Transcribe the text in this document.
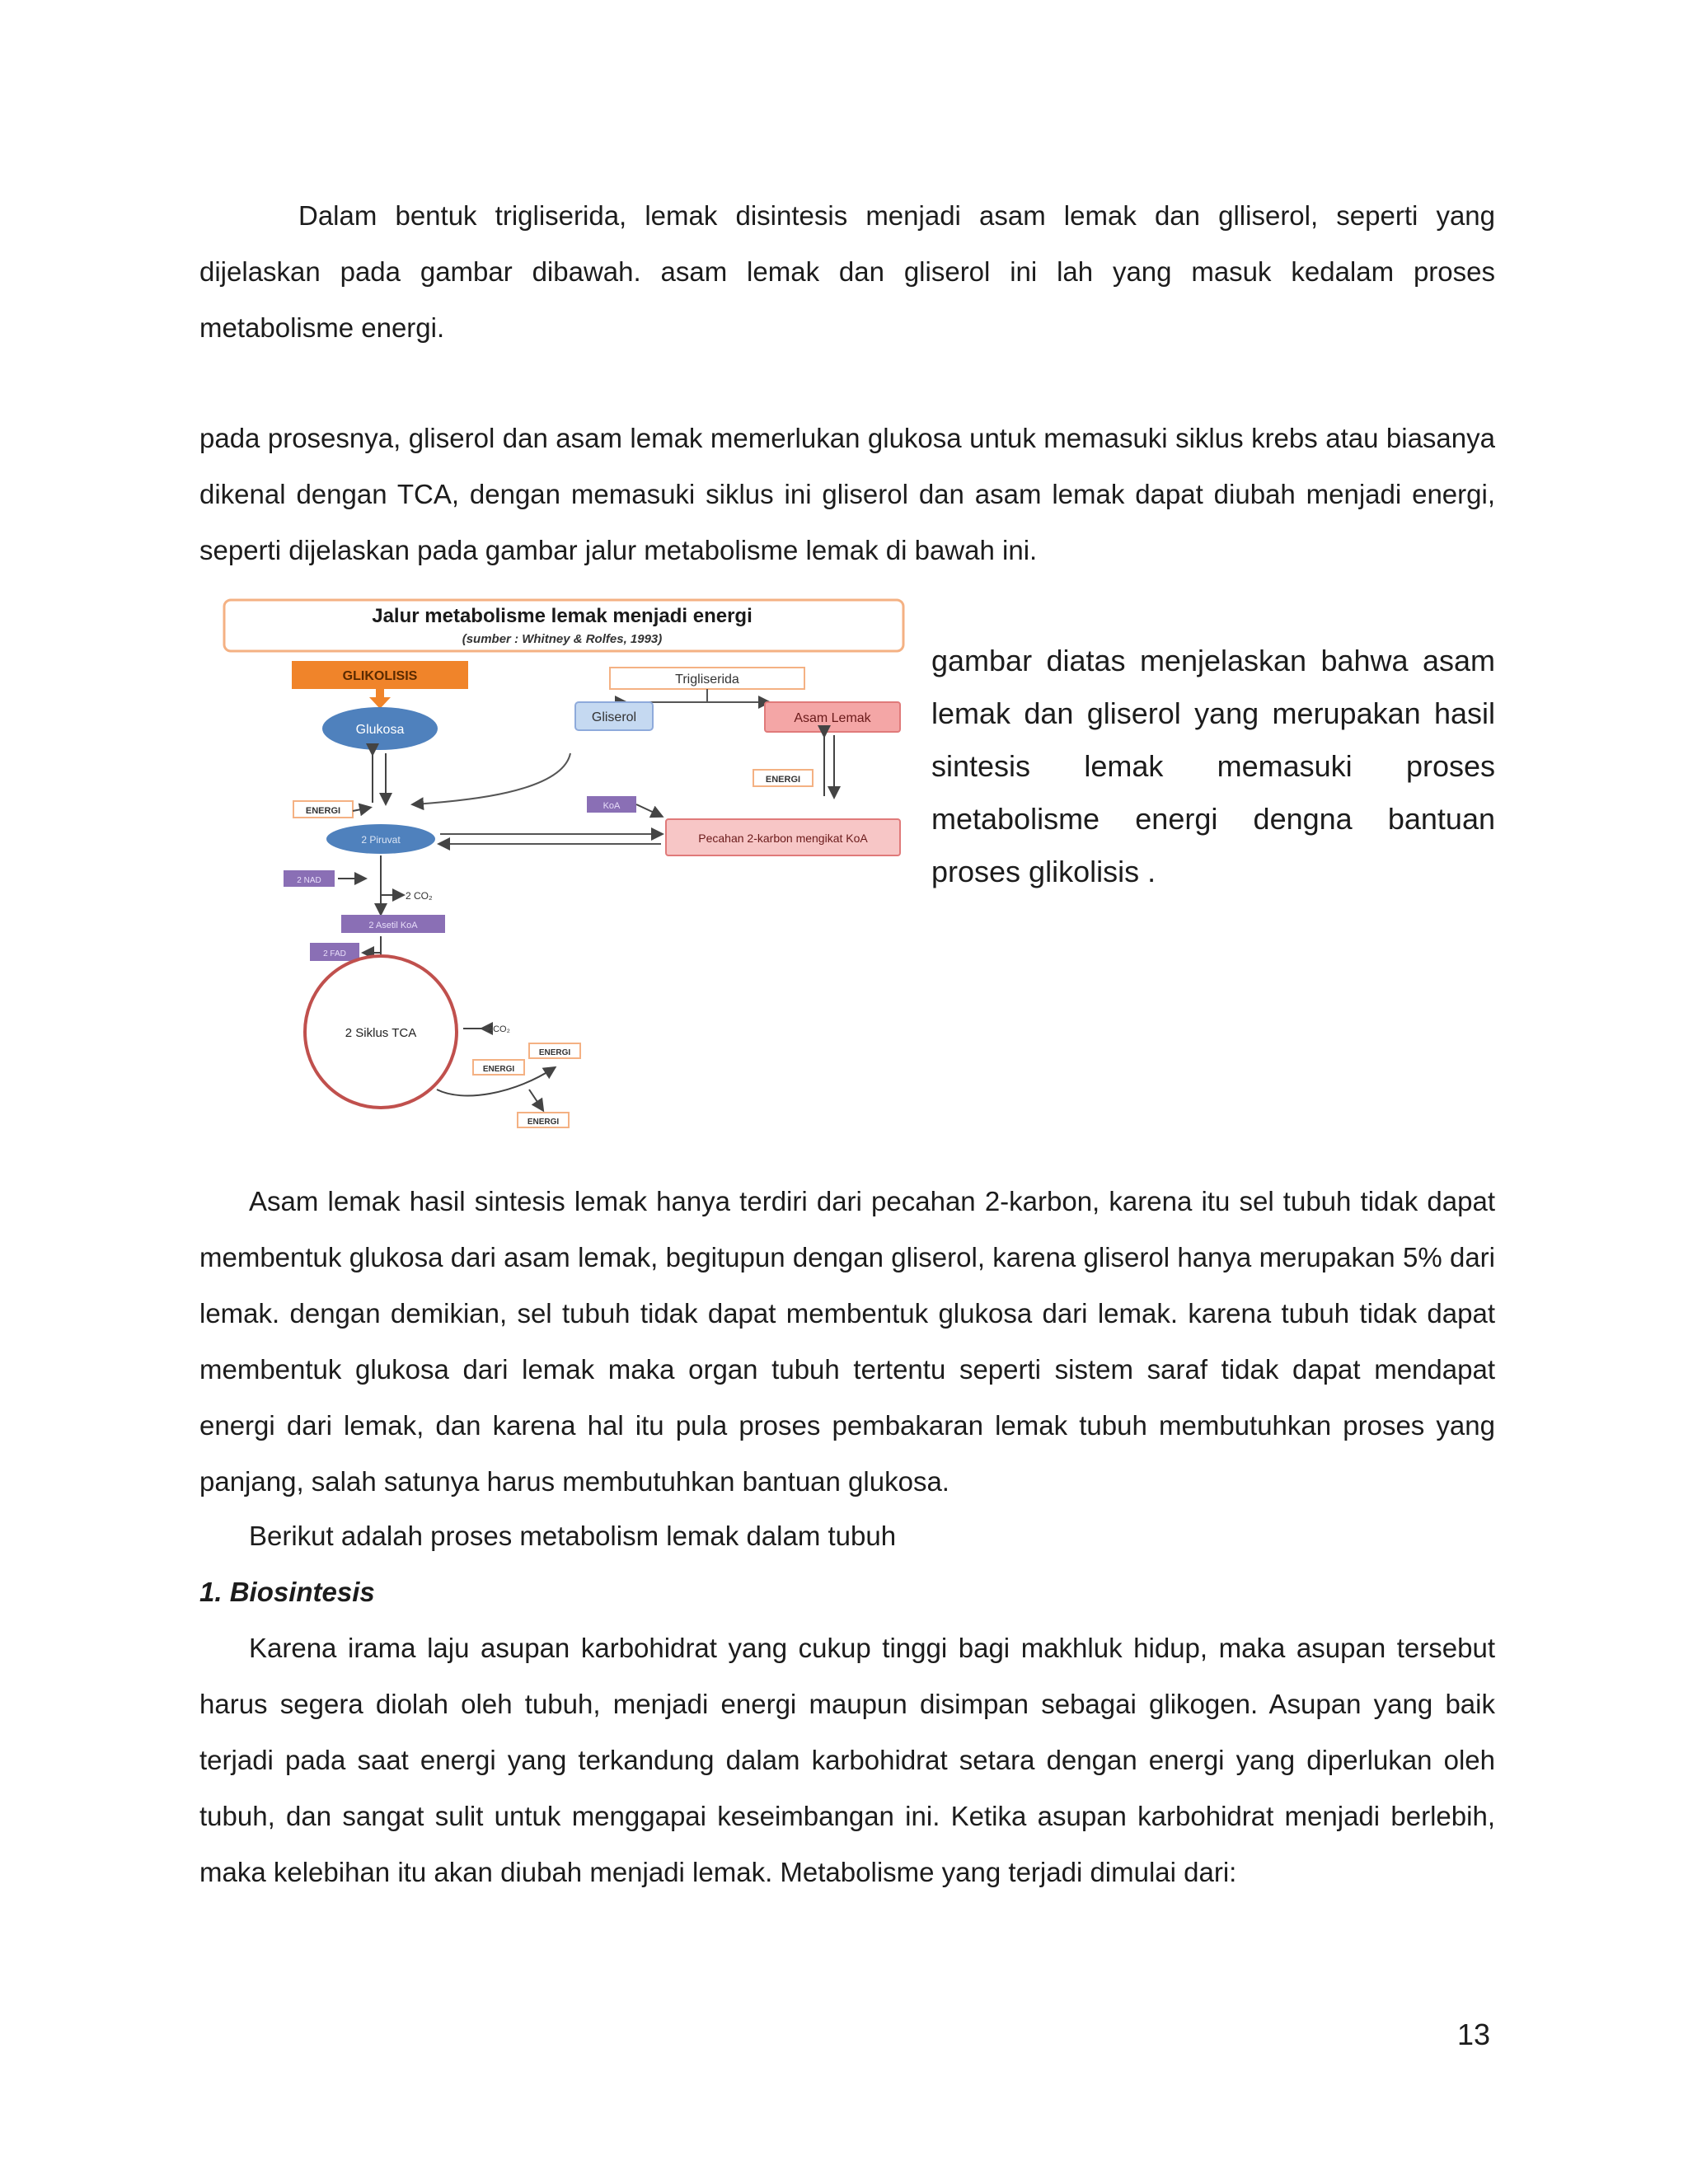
Dalam bentuk trigliserida, lemak disintesis menjadi asam lemak dan glliserol, seperti yang dijelaskan pada gambar dibawah. asam lemak dan gliserol ini lah yang masuk kedalam proses metabolisme energi.

pada prosesnya, gliserol dan asam lemak memerlukan glukosa untuk memasuki siklus krebs atau biasanya dikenal dengan TCA, dengan memasuki siklus ini gliserol dan asam lemak dapat diubah menjadi energi, seperti dijelaskan pada gambar jalur metabolisme lemak di bawah ini.

Jalur metabolisme lemak menjadi energi
(sumber : Whitney & Rolfes, 1993)
GLIKOLISIS
Glukosa
Trigliserida
Gliserol	Asam Lemak
ENERGI
ENERGI
KoA
2 Piruvat	Pecahan 2-karbon mengikat KoA
2 NAD
2 CO₂
2 Asetil KoA
2 FAD
2 Siklus TCA	2CO₂
ENERGI
ENERGI
ENERGI

gambar diatas menjelaskan bahwa asam lemak dan gliserol yang merupakan hasil sintesis lemak memasuki proses metabolisme energi dengna bantuan proses glikolisis .

Asam lemak hasil sintesis lemak hanya terdiri dari pecahan 2-karbon, karena itu sel tubuh tidak dapat membentuk glukosa dari asam lemak, begitupun dengan gliserol, karena gliserol hanya merupakan 5% dari lemak. dengan demikian, sel tubuh tidak dapat membentuk glukosa dari lemak. karena tubuh tidak dapat membentuk glukosa dari lemak maka organ tubuh tertentu seperti sistem saraf tidak dapat mendapat energi dari lemak, dan karena hal itu pula proses pembakaran lemak tubuh membutuhkan proses yang panjang, salah satunya harus membutuhkan bantuan glukosa.

Berikut adalah proses metabolism lemak dalam tubuh

1. Biosintesis

Karena irama laju asupan karbohidrat yang cukup tinggi bagi makhluk hidup, maka asupan tersebut harus segera diolah oleh tubuh, menjadi energi maupun disimpan sebagai glikogen. Asupan yang baik terjadi pada saat energi yang terkandung dalam karbohidrat setara dengan energi yang diperlukan oleh tubuh, dan sangat sulit untuk menggapai keseimbangan ini. Ketika asupan karbohidrat menjadi berlebih, maka kelebihan itu akan diubah menjadi lemak. Metabolisme yang terjadi dimulai dari:

13
